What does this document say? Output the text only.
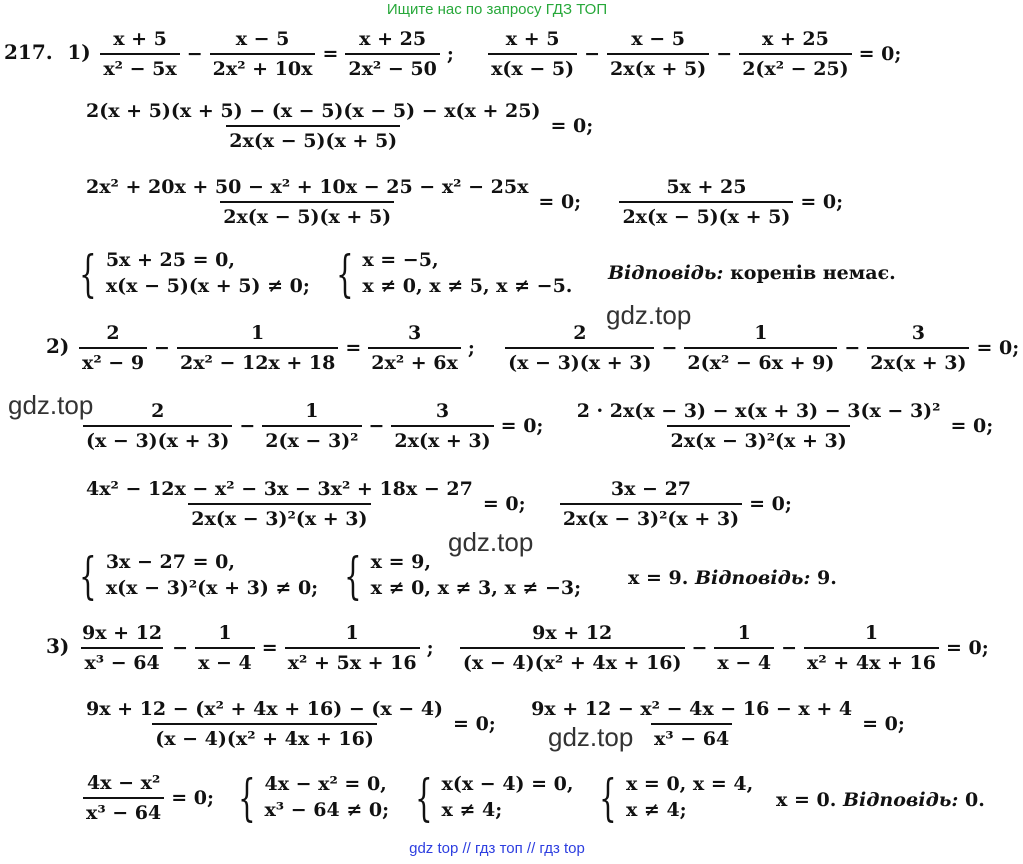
Ищите нас по запросу ГДЗ ТОП
gdz.top
gdz.top
gdz.top
gdz.top
217. $1) \frac{x + 5}{\text{x² − 5x}} - \frac{x - 5}{\text{2x² + 10x}} = \frac{x + 25}{\text{2x² − 50}}$ ; $\frac{x + 5}{x(x - 5)} - \frac{x - 5}{2x(x + 5)} - \frac{x + 25}{\text{2(x² − 25)}} = 0$;
$\frac{2(x + 5)(x + 5) - (x - 5)(x - 5) - x(x + 25)}{2x(x - 5)(x + 5)} = 0$;
$\frac{\text{2x² + 20x + 50 − x² + 10x − 25 − x² − 25x}}{2x(x - 5)(x + 5)} = 0$; $\frac{5x + 25}{2x(x - 5)(x + 5)} = 0$;
{ 5x + 25 = 0,
x(x − 5)(x + 5) ≠ 0;
{ x = −5,
x ≠ 0, x ≠ 5, x ≠ −5.
Відповідь: коренів немає.
$2) \frac{2}{\text{x² − 9}} - \frac{1}{\text{2x² − 12x + 18}} = \frac{3}{\text{2x² + 6x}}$ ; $\frac{2}{(x - 3)(x + 3)} - \frac{1}{\text{2(x² − 6x + 9)}} - \frac{3}{2x(x + 3)} = 0$;
$\frac{2}{(x - 3)(x + 3)} - \frac{1}{\text{2(x − 3)²}} - \frac{3}{2x(x + 3)} = 0$; $\frac{\text{2 · 2x(x − 3) − x(x + 3) − 3(x − 3)²}}{\text{2x(x − 3)²(x + 3)}} = 0$;
$\frac{\text{4x² − 12x − x² − 3x − 3x² + 18x − 27}}{\text{2x(x − 3)²(x + 3)}} = 0$; $\frac{3x - 27}{\text{2x(x − 3)²(x + 3)}} = 0$;
{ 3x − 27 = 0,
x(x − 3)²(x + 3) ≠ 0;
{ x = 9,
x ≠ 0, x ≠ 3, x ≠ −3; x = 9. Відповідь: 9.
$3) \frac{9x + 12}{\text{x³ − 64}} - \frac{1}{x - 4} = \frac{1}{\text{x² + 5x + 16}}$ ; $\frac{9x + 12}{\text{(x − 4)(x² + 4x + 16)}} - \frac{1}{x - 4} - \frac{1}{\text{x² + 4x + 16}} = 0$;
$\frac{\text{9x + 12 − (x² + 4x + 16) − (x − 4)}}{\text{(x − 4)(x² + 4x + 16)}} = 0$; $\frac{\text{9x + 12 − x² − 4x − 16 − x + 4}}{\text{x³ − 64}} = 0$;
$\frac{\text{4x − x²}}{\text{x³ − 64}} = 0$; { 4x − x² = 0,
x³ − 64 ≠ 0;
{ x(x − 4) = 0,
x ≠ 4;
	{ x = 0, x = 4,
x ≠ 4;	x = 0. Відповідь: 0.
gdz top // гдз топ // гдз top
